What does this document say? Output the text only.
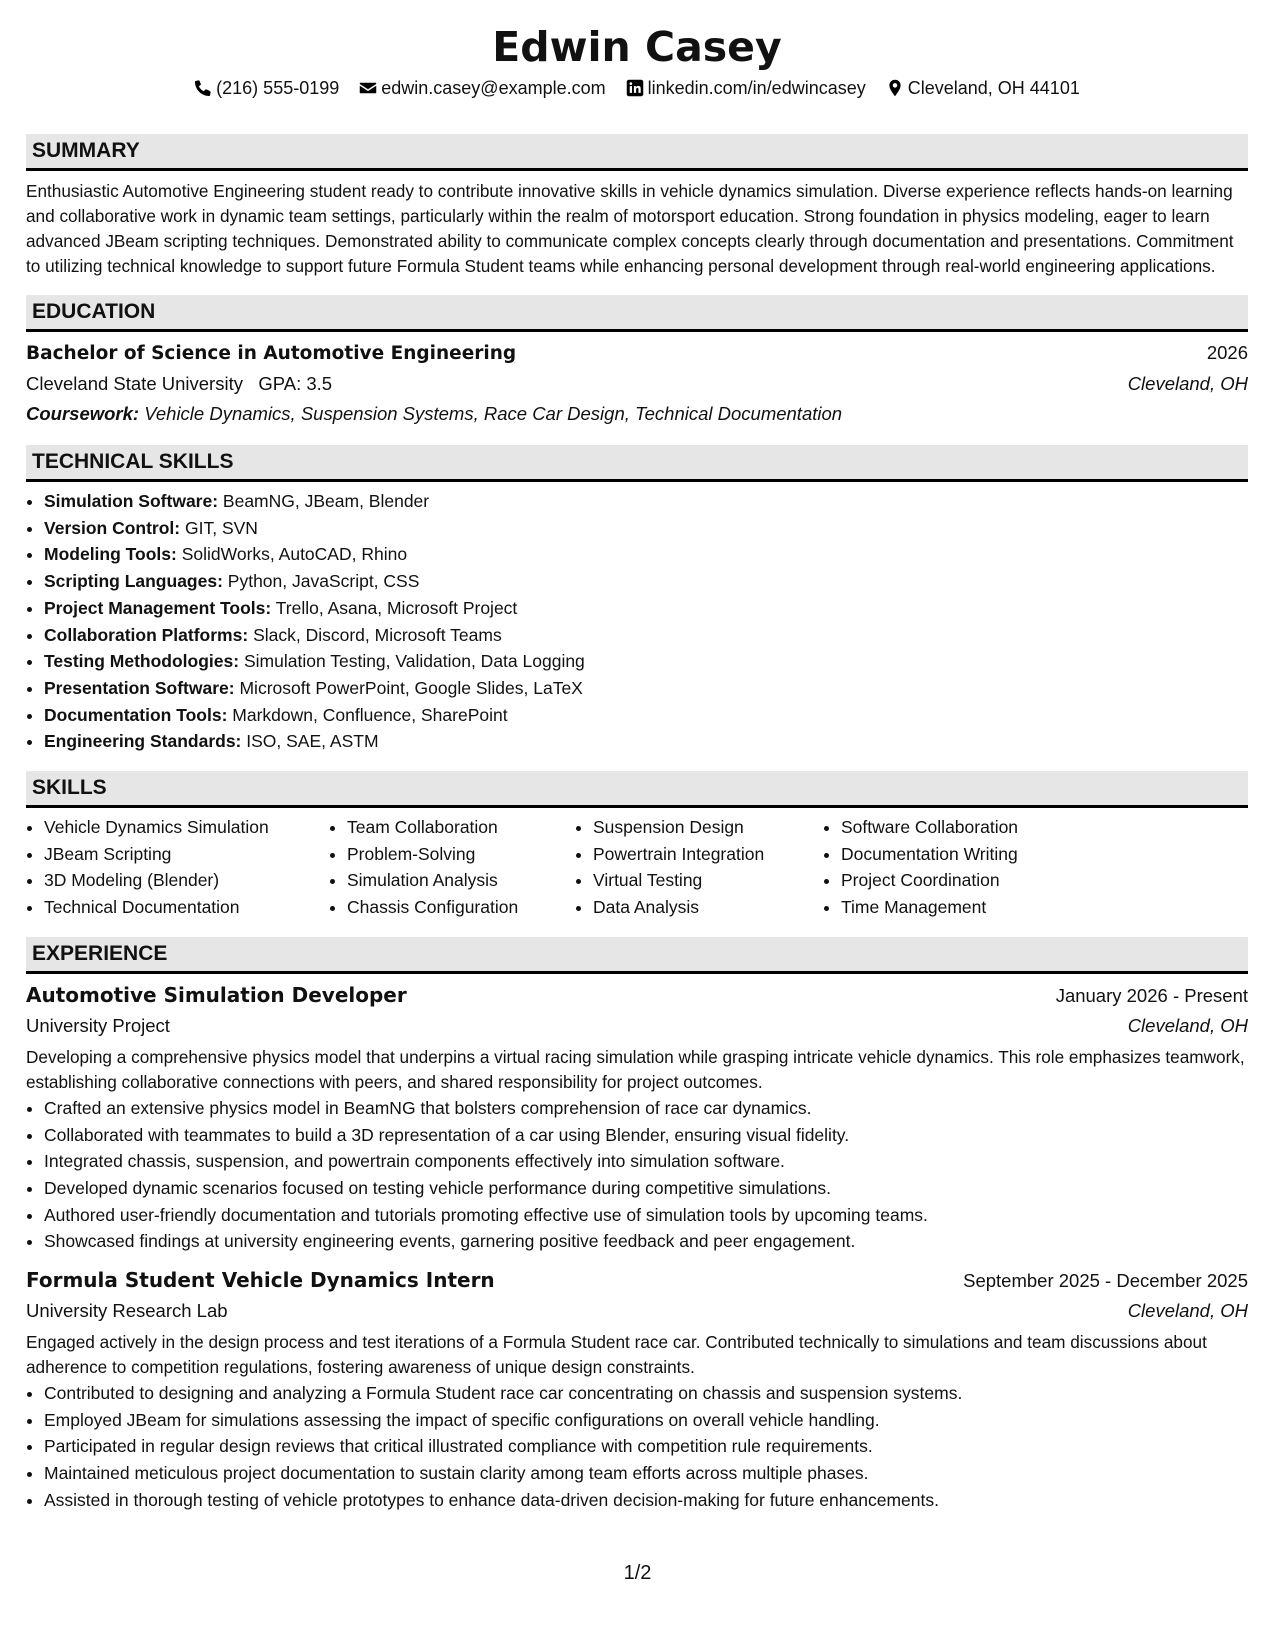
Edwin Casey
(216) 555-0199 edwin.casey@example.com linkedin.com/in/edwincasey Cleveland, OH 44101
SUMMARY

Enthusiastic Automotive Engineering student ready to contribute innovative skills in vehicle dynamics simulation. Diverse experience reflects hands-on learning and collaborative work in dynamic team settings, particularly within the realm of motorsport education. Strong foundation in physics modeling, eager to learn advanced JBeam scripting techniques. Demonstrated ability to communicate complex concepts clearly through documentation and presentations. Commitment to utilizing technical knowledge to support future Formula Student teams while enhancing personal development through real-world engineering applications.

EDUCATION
Bachelor of Science in Automotive Engineering	2026
Cleveland State University GPA: 3.5	Cleveland, OH
Coursework: Vehicle Dynamics, Suspension Systems, Race Car Design, Technical Documentation
TECHNICAL SKILLS
• Simulation Software: BeamNG, JBeam, Blender
• Version Control: GIT, SVN
• Modeling Tools: SolidWorks, AutoCAD, Rhino
• Scripting Languages: Python, JavaScript, CSS
• Project Management Tools: Trello, Asana, Microsoft Project
• Collaboration Platforms: Slack, Discord, Microsoft Teams
• Testing Methodologies: Simulation Testing, Validation, Data Logging
• Presentation Software: Microsoft PowerPoint, Google Slides, LaTeX
• Documentation Tools: Markdown, Confluence, SharePoint
• Engineering Standards: ISO, SAE, ASTM
SKILLS
• Vehicle Dynamics Simulation
• JBeam Scripting
• 3D Modeling (Blender)
• Technical Documentation
• Team Collaboration
• Problem-Solving
• Simulation Analysis
• Chassis Configuration
• Suspension Design
• Powertrain Integration
• Virtual Testing
• Data Analysis
• Software Collaboration
• Documentation Writing
• Project Coordination
• Time Management
EXPERIENCE
Automotive Simulation Developer	January 2026 - Present
University Project	Cleveland, OH
Developing a comprehensive physics model that underpins a virtual racing simulation while grasping intricate vehicle dynamics. This role emphasizes teamwork, establishing collaborative connections with peers, and shared responsibility for project outcomes.
• Crafted an extensive physics model in BeamNG that bolsters comprehension of race car dynamics.
• Collaborated with teammates to build a 3D representation of a car using Blender, ensuring visual fidelity.
• Integrated chassis, suspension, and powertrain components effectively into simulation software.
• Developed dynamic scenarios focused on testing vehicle performance during competitive simulations.
• Authored user-friendly documentation and tutorials promoting effective use of simulation tools by upcoming teams.
• Showcased findings at university engineering events, garnering positive feedback and peer engagement.
Formula Student Vehicle Dynamics Intern	September 2025 - December 2025
University Research Lab	Cleveland, OH
Engaged actively in the design process and test iterations of a Formula Student race car. Contributed technically to simulations and team discussions about adherence to competition regulations, fostering awareness of unique design constraints.
• Contributed to designing and analyzing a Formula Student race car concentrating on chassis and suspension systems.
• Employed JBeam for simulations assessing the impact of specific configurations on overall vehicle handling.
• Participated in regular design reviews that critical illustrated compliance with competition rule requirements.
• Maintained meticulous project documentation to sustain clarity among team efforts across multiple phases.
• Assisted in thorough testing of vehicle prototypes to enhance data-driven decision-making for future enhancements.
1/2
